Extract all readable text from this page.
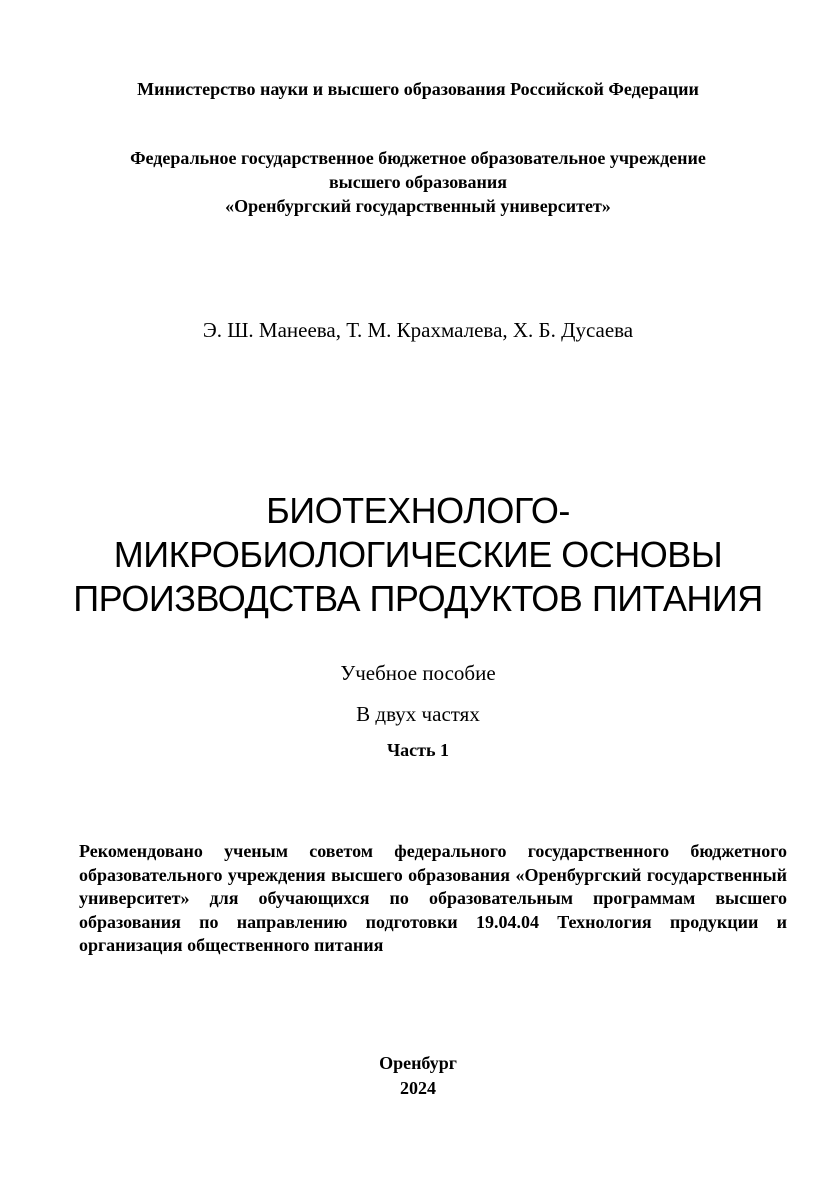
Министерство науки и высшего образования Российской Федерации
Федеральное государственное бюджетное образовательное учреждение
высшего образования
«Оренбургский государственный университет»
Э. Ш. Манеева, Т. М. Крахмалева, Х. Б. Дусаева
БИОТЕХНОЛОГО-
МИКРОБИОЛОГИЧЕСКИЕ ОСНОВЫ
ПРОИЗВОДСТВА ПРОДУКТОВ ПИТАНИЯ
Учебное пособие
В двух частях
Часть 1
Рекомендовано ученым советом федерального государственного бюджетного образовательного учреждения высшего образования «Оренбургский государственный университет» для обучающихся по образовательным программам высшего образования по направлению подготовки 19.04.04 Технология продукции и организация общественного питания
Оренбург
2024
